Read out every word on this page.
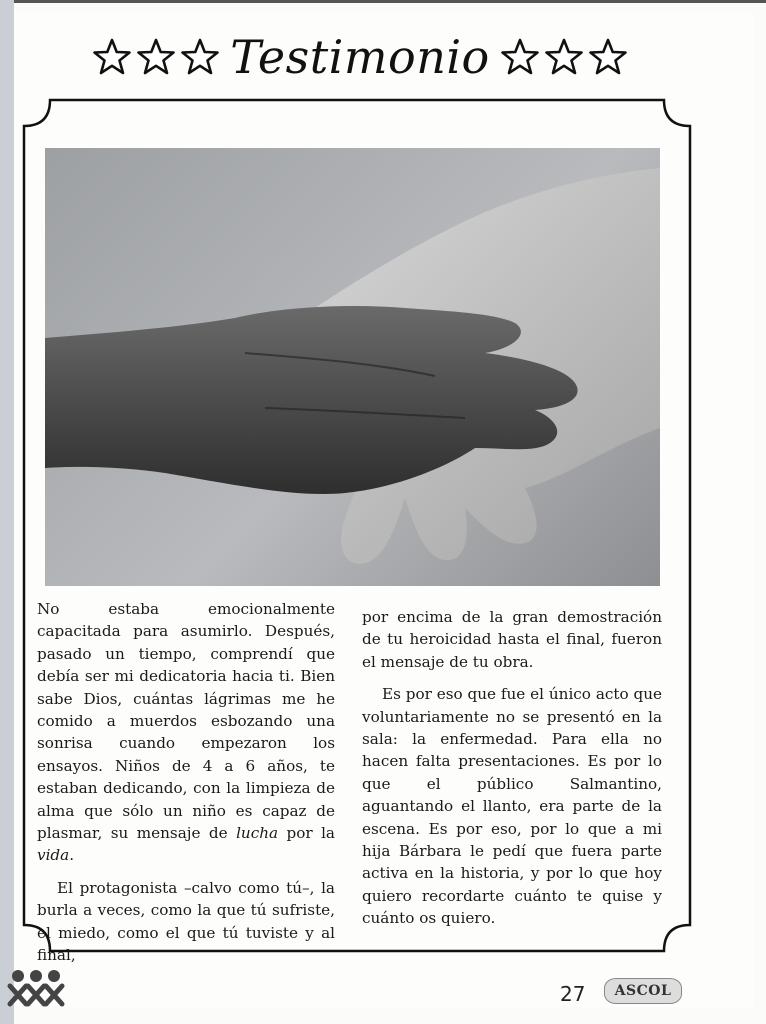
Testimonio

No estaba emocionalmente capacitada para asumirlo. Después, pasado un tiempo, comprendí que debía ser mi dedicatoria hacia ti. Bien sabe Dios, cuántas lágrimas me he comido a muerdos esbozando una sonrisa cuando empezaron los ensayos. Niños de 4 a 6 años, te estaban dedicando, con la limpieza de alma que sólo un niño es capaz de plasmar, su mensaje de lucha por la vida.

El protagonista –calvo como tú–, la burla a veces, como la que tú sufriste, el miedo, como el que tú tuviste y al final,

por encima de la gran demostración de tu heroicidad hasta el final, fueron el mensaje de tu obra.

Es por eso que fue el único acto que voluntariamente no se presentó en la sala: la enfermedad. Para ella no hacen falta presentaciones. Es por lo que el público Salmantino, aguantando el llanto, era parte de la escena. Es por eso, por lo que a mi hija Bárbara le pedí que fuera parte activa en la historia, y por lo que hoy quiero recordarte cuánto te quise y cuánto os quiero.

27 ASCOL
